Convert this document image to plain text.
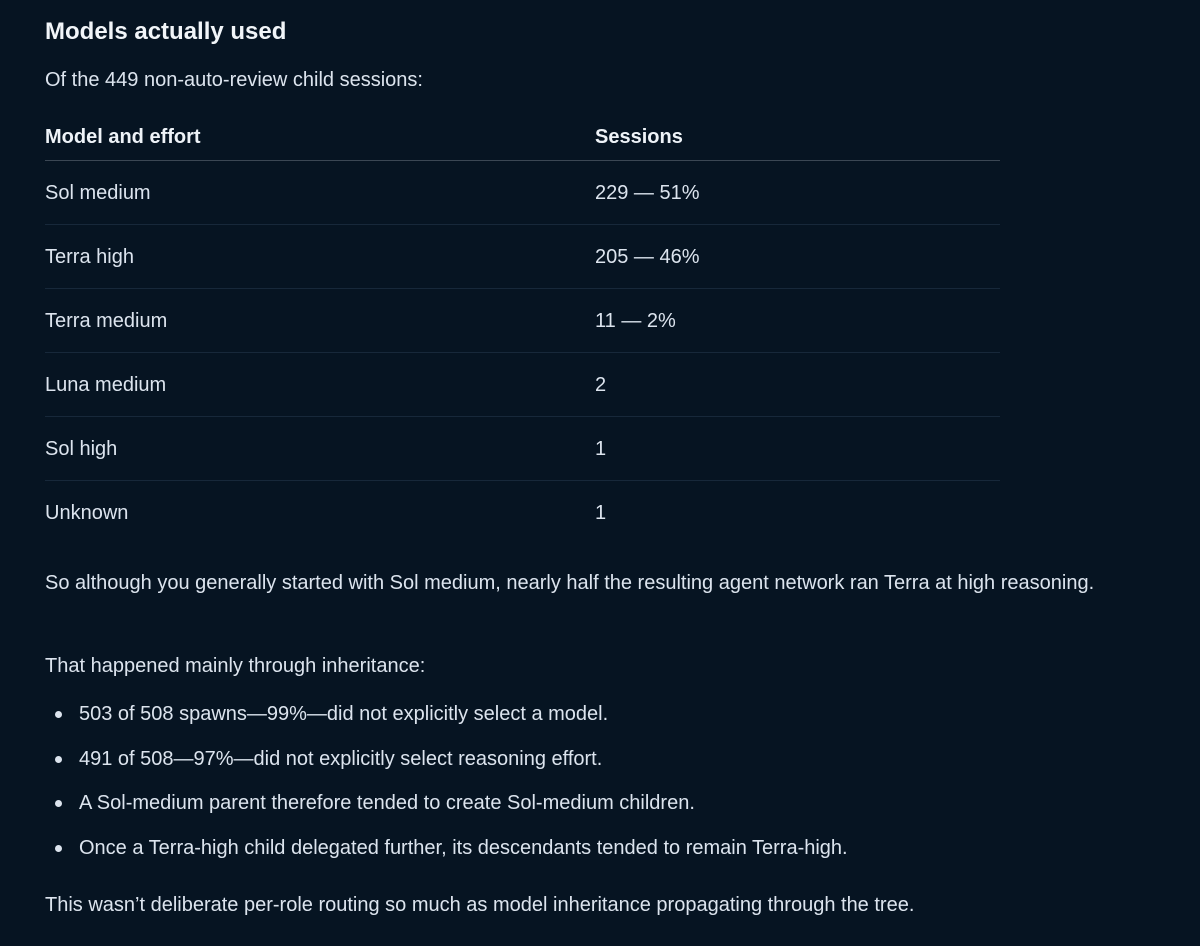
Models actually used

Of the 449 non-auto-review child sessions:

Model and effort	Sessions
Sol medium	229 — 51%
Terra high	205 — 46%
Terra medium	11 — 2%
Luna medium	2
Sol high	1
Unknown	1

So although you generally started with Sol medium, nearly half the resulting agent network ran Terra at high reasoning.

That happened mainly through inheritance:

503 of 508 spawns—99%—did not explicitly select a model.
491 of 508—97%—did not explicitly select reasoning effort.
A Sol-medium parent therefore tended to create Sol-medium children.
Once a Terra-high child delegated further, its descendants tended to remain Terra-high.

This wasn’t deliberate per-role routing so much as model inheritance propagating through the tree.
